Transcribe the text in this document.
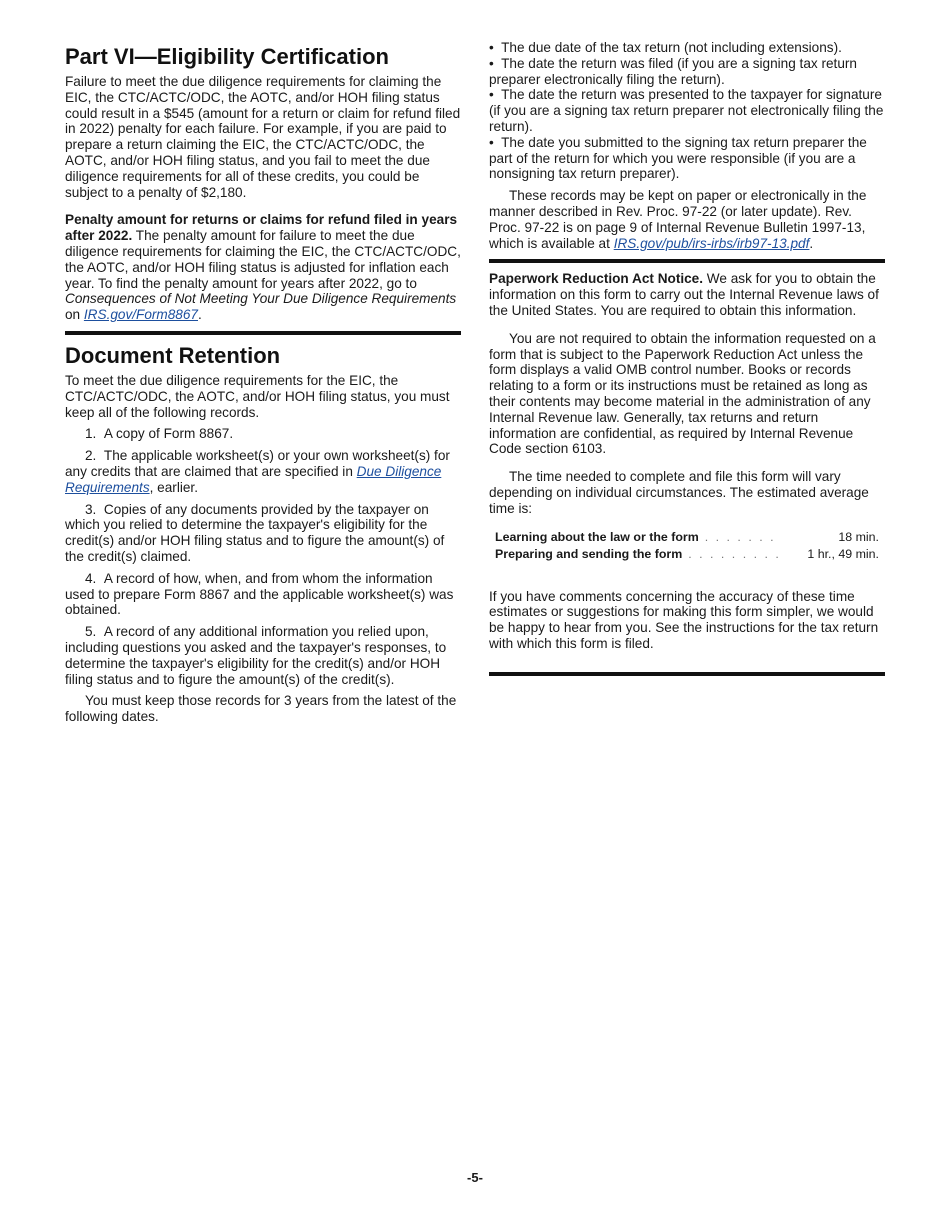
Part VI—Eligibility Certification

Failure to meet the due diligence requirements for claiming the EIC, the CTC/ACTC/ODC, the AOTC, and/or HOH filing status could result in a $545 (amount for a return or claim for refund filed in 2022) penalty for each failure. For example, if you are paid to prepare a return claiming the EIC, the CTC/ACTC/ODC, the AOTC, and/or HOH filing status, and you fail to meet the due diligence requirements for all of these credits, you could be subject to a penalty of $2,180.

Penalty amount for returns or claims for refund filed in years after 2022. The penalty amount for failure to meet the due diligence requirements for claiming the EIC, the CTC/ACTC/ODC, the AOTC, and/or HOH filing status is adjusted for inflation each year. To find the penalty amount for years after 2022, go to Consequences of Not Meeting Your Due Diligence Requirements on IRS.gov/Form8867.

Document Retention

To meet the due diligence requirements for the EIC, the CTC/ACTC/ODC, the AOTC, and/or HOH filing status, you must keep all of the following records.

1.  A copy of Form 8867.

2.  The applicable worksheet(s) or your own worksheet(s) for any credits that are claimed that are specified in Due Diligence Requirements, earlier.

3.  Copies of any documents provided by the taxpayer on which you relied to determine the taxpayer's eligibility for the credit(s) and/or HOH filing status and to figure the amount(s) of the credit(s) claimed.

4.  A record of how, when, and from whom the information used to prepare Form 8867 and the applicable worksheet(s) was obtained.

5.  A record of any additional information you relied upon, including questions you asked and the taxpayer's responses, to determine the taxpayer's eligibility for the credit(s) and/or HOH filing status and to figure the amount(s) of the credit(s).

You must keep those records for 3 years from the latest of the following dates.

•  The due date of the tax return (not including extensions).

•  The date the return was filed (if you are a signing tax return preparer electronically filing the return).

•  The date the return was presented to the taxpayer for signature (if you are a signing tax return preparer not electronically filing the return).

•  The date you submitted to the signing tax return preparer the part of the return for which you were responsible (if you are a nonsigning tax return preparer).

These records may be kept on paper or electronically in the manner described in Rev. Proc. 97-22 (or later update). Rev. Proc. 97-22 is on page 9 of Internal Revenue Bulletin 1997-13, which is available at IRS.gov/pub/irs-irbs/irb97-13.pdf.

Paperwork Reduction Act Notice. We ask for you to obtain the information on this form to carry out the Internal Revenue laws of the United States. You are required to obtain this information.

You are not required to obtain the information requested on a form that is subject to the Paperwork Reduction Act unless the form displays a valid OMB control number. Books or records relating to a form or its instructions must be retained as long as their contents may become material in the administration of any Internal Revenue law. Generally, tax returns and return information are confidential, as required by Internal Revenue Code section 6103.

The time needed to complete and file this form will vary depending on individual circumstances. The estimated average time is:

Learning about the law or the form . . . . . . .	18 min.
Preparing and sending the form . . . . . . . . .	1 hr., 49 min.

If you have comments concerning the accuracy of these time estimates or suggestions for making this form simpler, we would be happy to hear from you. See the instructions for the tax return with which this form is filed.

-5-
